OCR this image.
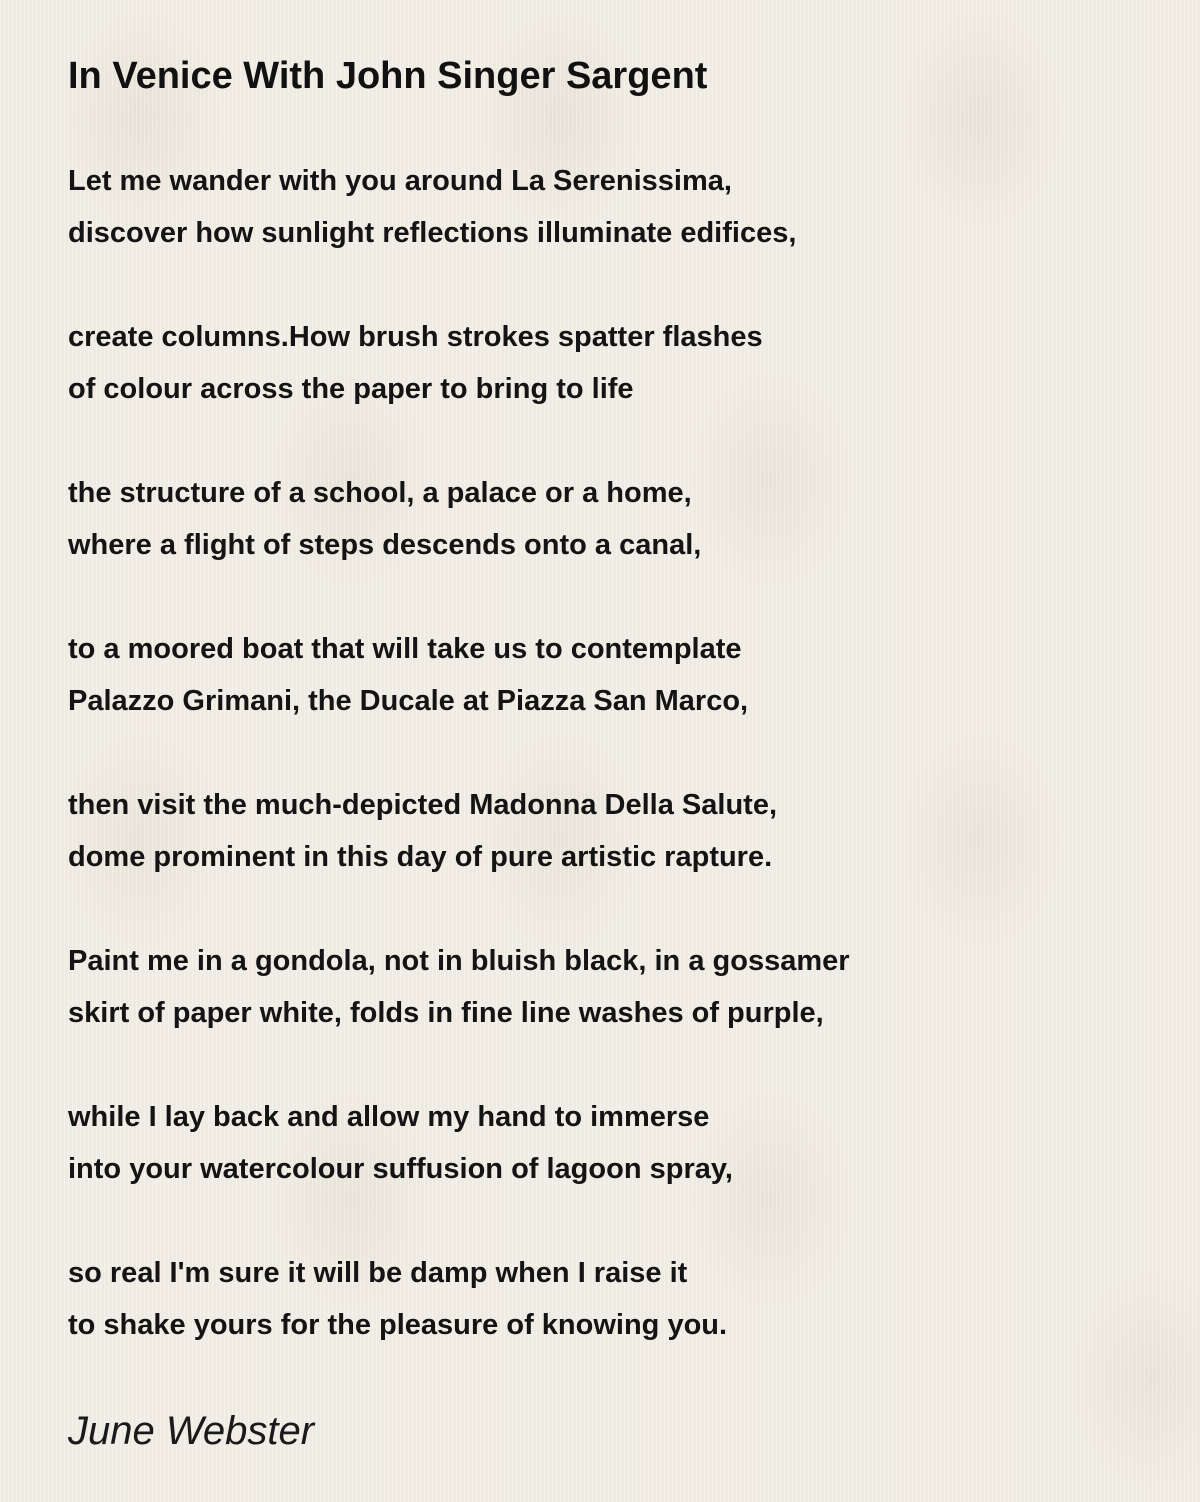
In Venice With John Singer Sargent
Let me wander with you around La Serenissima,
discover how sunlight reflections illuminate edifices,
create columns.How brush strokes spatter flashes
of colour across the paper to bring to life
the structure of a school, a palace or a home,
where a flight of steps descends onto a canal,
to a moored boat that will take us to contemplate
Palazzo Grimani, the Ducale at Piazza San Marco,
then visit the much-depicted Madonna Della Salute,
dome prominent in this day of pure artistic rapture.
Paint me in a gondola, not in bluish black, in a gossamer
skirt of paper white, folds in fine line washes of purple,
while I lay back and allow my hand to immerse
into your watercolour suffusion of lagoon spray,
so real I'm sure it will be damp when I raise it
to shake yours for the pleasure of knowing you.
June Webster
